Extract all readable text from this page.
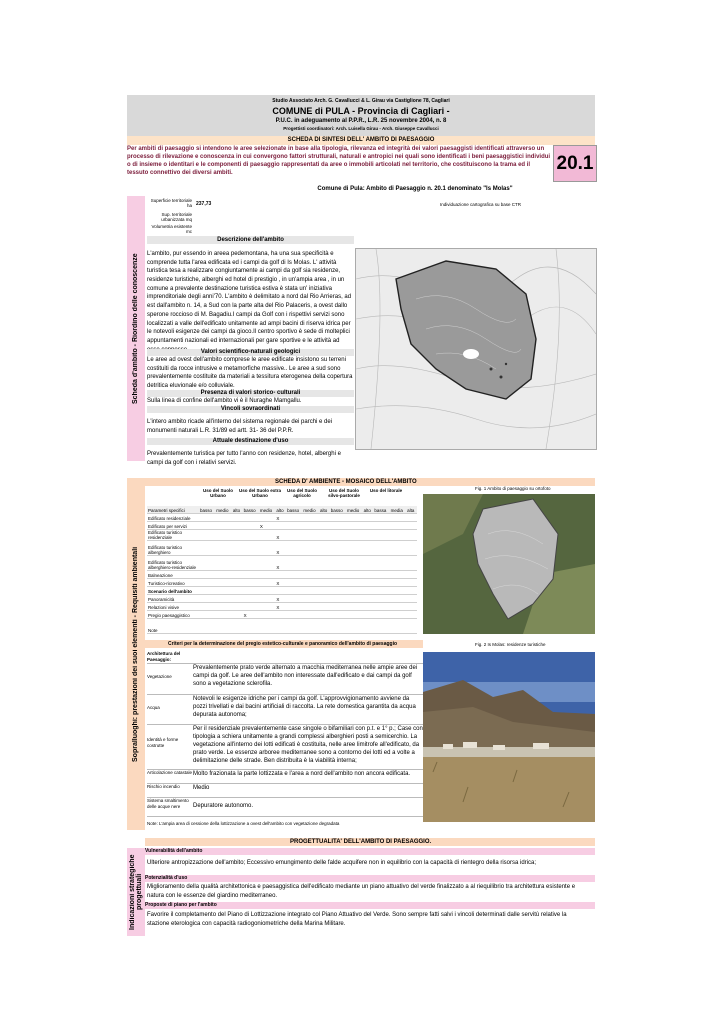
Studio Associato Arch. G. Cavallucci & L. Girau via Castiglione 78, Cagliari
COMUNE di PULA - Provincia di Cagliari -
P.U.C. in adeguamento al P.P.R., L.R. 25 novembre 2004, n. 8
Progettisti coordinatori: Arch. Luisella Girau - Arch. Giuseppe Cavallucci
SCHEDA DI SINTESI DELL' AMBITO DI PAESAGGIO
Per ambiti di paesaggio si intendono le aree selezionate in base alla tipologia, rilevanza ed integrità dei valori paesaggisti identificati attraverso un processo di rilevazione e conoscenza in cui convergono fattori strutturali, naturali e antropici nei quali sono identificati i beni paesaggistici individui o di insieme o identitari e le componenti di paesaggio rappresentati da aree o immobili articolati nel territorio, che costituiscono la trama ed il tessuto connettivo dei diversi ambiti.	20.1
Comune di Pula: Ambito di Paesaggio n. 20.1 denominato "Is Molas"
Scheda d'ambito - Riordino delle conoscenze
Superficie territoriale ha 237,73
Sup. territoriale urbanizzata mq
Volumetria esistente mc
Individuazione cartografica su base CTR
Descrizione dell'ambito
L'ambito, pur essendo in areea pedemontana, ha una sua specificità e comprende tutta l'area edificata ed i campi da golf di Is Molas. L' attività turistica tesa a realizzare congiuntamente ai campi da golf sia residenze, residenze turistiche, alberghi ed hotel di prestigio , in un'ampia area , in un comune a prevalente destinazione turistica estiva è stata un' iniziativa imprenditoriale degli anni'70. L'ambito è delimitato a nord dal Rio Arrieras, ad est dall'ambito n. 14, a Sud con la parte alta del Rio Palaceris, a ovest dallo sperone roccioso di M. Bagadiu.I campi da Golf con i rispettivi servizi sono localizzati a valle dell'edificato unitamente ad ampi bacini di riserva idrica per le notevoli esigenze dei campi da gioco.Il centro sportivo è sede di molteplici appuntamenti nazionali ed internazionali per gare sportive e le attività ad
Valori scientifico-naturali geologici
Le aree ad ovest dell'ambito comprese le aree edificate insistono su terreni costituiti da rocce intrusive e metamorfiche massive.. Le aree a sud sono prevalentemente costituite da materiali a tessitura eterogenea della copertura detritica eluvionale e/o colluviale.
Presenza di valori storico- culturali
Sulla linea di confine dell'ambito vi è il Nuraghe Mamgallu.
Vincoli sovraordinati
L'intero ambito ricade all'interno del sistema regionale dei parchi e dei monumenti naturali L.R. 31/89 ed artt. 31- 36 del P.P.R.
Attuale destinazione d'uso
Prevalentemente turistica per tutto l'anno con residenze, hotel, alberghi e campi da golf con i relativi servizi.
Sopralluoghi: prestazioni dei suoi elementi - Requisiti ambientali
SCHEDA D' AMBIENTE - MOSAICO DELL'AMBITO
Uso del Suolo Urbano
Uso del Suolo extra Urbano
Uso del Suolo agricolo
Uso del Suolo silvo-pastorale
Uso del litorale
Parametri specifici	basso	medio	alto	basso	medio	alto	basso	medio	alto	basso	medio	alto	bassa	media	alta
Edificato residenziale						X									
Edificato per servizi					X										
Edificato turistico residenziale						X									
Edificato turistico alberghiero						X									
Edificato turistico alberghiero-residenziale						X									
Balneazione															
Turistico-ricreativo						X									
Scenario dell'ambito															
Panoramicità						X									
Relazioni visive						X									
Pregio paesaggistico				X											
Note															
Fig. 1 Ambito di paesaggio su ortofoto
Fig. 2 Is Molas: residenze turistiche
Criteri per la determinazione del pregio estetico-culturale e panoramico dell'ambito di paesaggio
Architettura del Paesaggio:
Vegetazione
Prevalentemente prato verde alternato a macchia mediterranea nelle ampie aree dei campi da golf. Le aree dell'ambito non interessate dall'edificato e dai campi da golf sono a vegetazione sclerofila.
Acqua
Notevoli le esigenze idriche per i campi da golf. L'approvvigionamento avviene da pozzi trivellati e dai bacini artificiali di raccolta. La rete domestica garantita da acqua depurata autonoma;
Identità e forme costrutte
Per il residenziale prevalentemente case singole o bifamiliari con p.t. e 1° p.; Case con tipologia a schiera unitamente a grandi complessi alberghieri posti a semicerchio. La vegetazione all'interno dei lotti edificati è costituita, nelle aree limitrofe all'edificato, da prato verde. Le essenze arboree mediterranee sono a contorno dei lotti ed a volte a delimitazione delle strade. Ben distribuita è la viabilità interna;
Articolazione catastale Molto frazionata la parte lottizzata e l'area a nord dell'ambito non ancora edificata.
Rischio incendio	Medio
Sistema smaltimento delle acque nere	Depuratore autonomo.
Note: L'ampia area di cessione della lottizzazione a ovest dell'ambito con vegetazione degradata
PROGETTUALITA' DELL'AMBITO DI PAESAGGIO.
Indicazioni strategiche progettuali
Vulnerabilità dell'ambito
Ulteriore antropizzazione dell'ambito; Eccessivo emungimento delle falde acquifere non in equilibrio con la capacità di rientegro della risorsa idrica;
Potenzialità d'uso
Miglioramento della qualità architettonica e paesaggistica dell'edificato mediante un piano attuativo del verde finalizzato a al riequilibrio tra architettura esistente e natura con le essenze del giardino mediterraneo.
Proposte di piano per l'ambito
Favorire il completamento del Piano di Lottizzazione integrato col Piano Attuativo del Verde. Sono sempre fatti salvi i vincoli determinati dalle servitù relative la stazione eterologica con capacità radiogoniometriche della Marina Militare.
